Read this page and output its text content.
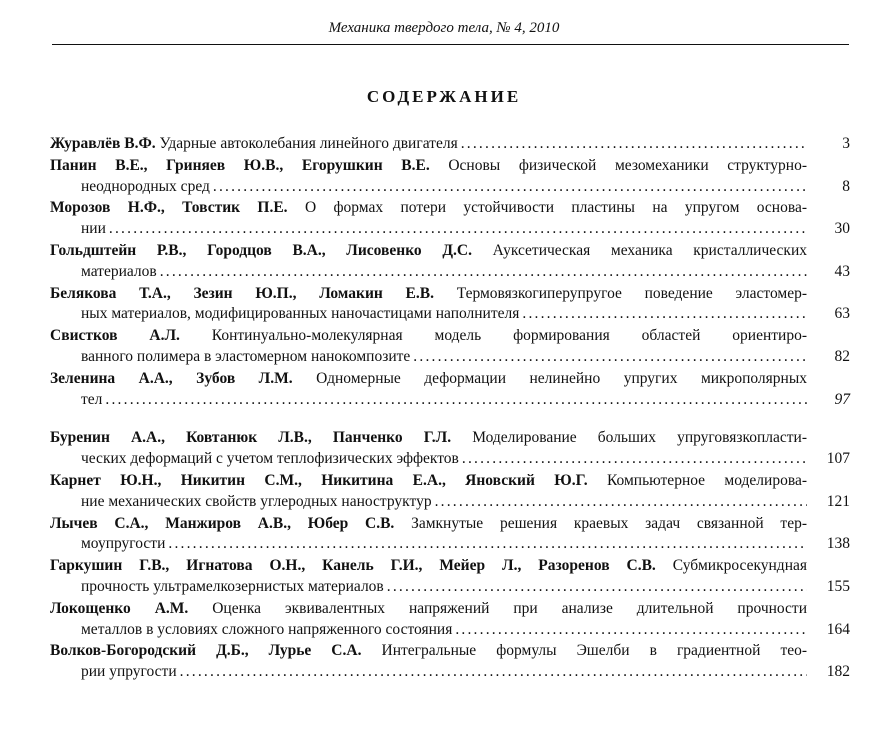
Механика твердого тела, № 4, 2010
СОДЕРЖАНИЕ
Журавлёв В.Ф. Ударные автоколебания линейного двигателя .....	3
Панин В.Е., Гриняев Ю.В., Егорушкин В.Е. Основы физической мезомеханики структурно-
неоднородных сред .....	8
Морозов Н.Ф., Товстик П.Е. О формах потери устойчивости пластины на упругом основа-
нии .....	30
Гольдштейн Р.В., Городцов В.А., Лисовенко Д.С. Ауксетическая механика кристаллических
материалов .....	43
Белякова Т.А., Зезин Ю.П., Ломакин Е.В. Термовязкогиперупругое поведение эластомер-
ных материалов, модифицированных наночастицами наполнителя .....	63
Свистков А.Л. Континуально-молекулярная модель формирования областей ориентиро-
ванного полимера в эластомерном нанокомпозите .....	82
Зеленина А.А., Зубов Л.М. Одномерные деформации нелинейно упругих микрополярных
тел .....	97
Буренин А.А., Ковтанюк Л.В., Панченко Г.Л. Моделирование больших упруговязкопласти-
ческих деформаций с учетом теплофизических эффектов .....	107
Карнет Ю.Н., Никитин С.М., Никитина Е.А., Яновский Ю.Г. Компьютерное моделирова-
ние механических свойств углеродных наноструктур .....	121
Лычев С.А., Манжиров А.В., Юбер С.В. Замкнутые решения краевых задач связанной тер-
моупругости .....	138
Гаркушин Г.В., Игнатова О.Н., Канель Г.И., Мейер Л., Разоренов С.В. Субмикросекундная
прочность ультрамелкозернистых материалов .....	155
Локощенко А.М. Оценка эквивалентных напряжений при анализе длительной прочности
металлов в условиях сложного напряженного состояния .....	164
Волков-Богородский Д.Б., Лурье С.А. Интегральные формулы Эшелби в градиентной тео-
рии упругости .....	182
